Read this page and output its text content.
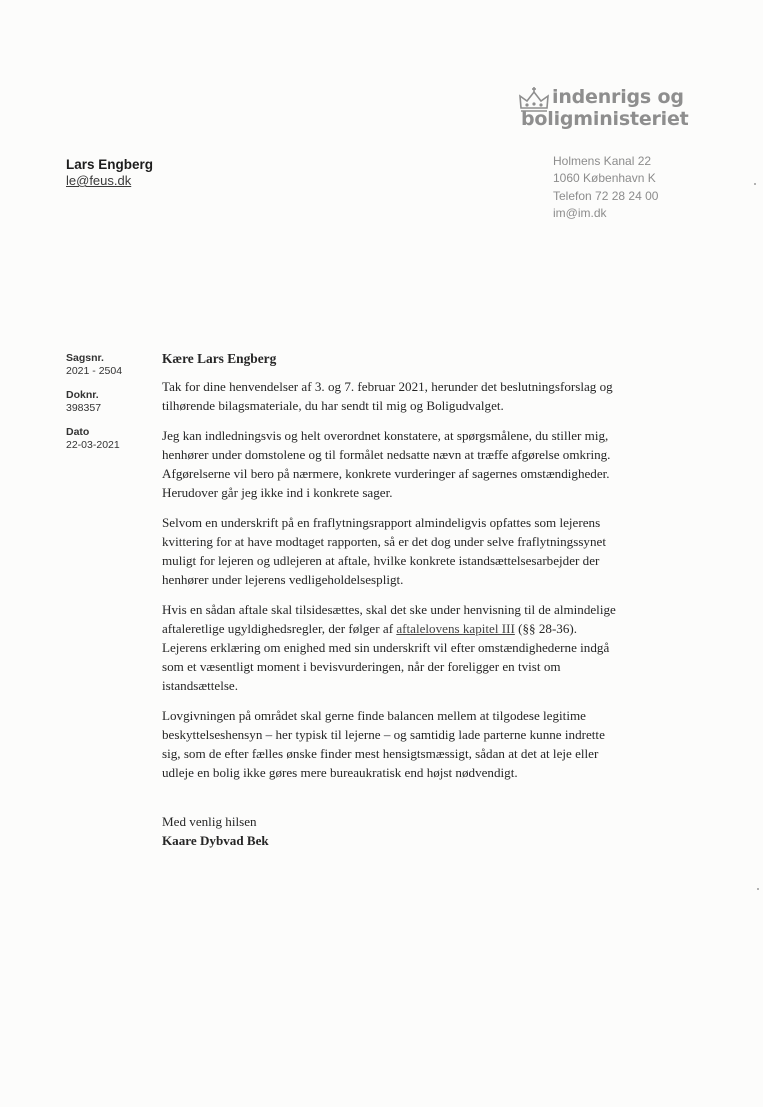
indenrigs og
boligministeriet
Holmens Kanal 22
1060 København K
Telefon 72 28 24 00
im@im.dk
Lars Engberg
le@feus.dk
Sagsnr.
2021 - 2504
Doknr.
398357
Dato
22-03-2021

Kære Lars Engberg

Tak for dine henvendelser af 3. og 7. februar 2021, herunder det beslutningsforslag og
tilhørende bilagsmateriale, du har sendt til mig og Boligudvalget.

Jeg kan indledningsvis og helt overordnet konstatere, at spørgsmålene, du stiller mig,
henhører under domstolene og til formålet nedsatte nævn at træffe afgørelse omkring.
Afgørelserne vil bero på nærmere, konkrete vurderinger af sagernes omstændigheder.
Herudover går jeg ikke ind i konkrete sager.

Selvom en underskrift på en fraflytningsrapport almindeligvis opfattes som lejerens
kvittering for at have modtaget rapporten, så er det dog under selve fraflytningssynet
muligt for lejeren og udlejeren at aftale, hvilke konkrete istandsættelsesarbejder der
henhører under lejerens vedligeholdelsespligt.

Hvis en sådan aftale skal tilsidesættes, skal det ske under henvisning til de almindelige
aftaleretlige ugyldighedsregler, der følger af aftalelovens kapitel III (§§ 28-36).
Lejerens erklæring om enighed med sin underskrift vil efter omstændighederne indgå
som et væsentligt moment i bevisvurderingen, når der foreligger en tvist om
istandsættelse.

Lovgivningen på området skal gerne finde balancen mellem at tilgodese legitime
beskyttelseshensyn – her typisk til lejerne – og samtidig lade parterne kunne indrette
sig, som de efter fælles ønske finder mest hensigtsmæssigt, sådan at det at leje eller
udleje en bolig ikke gøres mere bureaukratisk end højst nødvendigt.

Med venlig hilsen
Kaare Dybvad Bek
